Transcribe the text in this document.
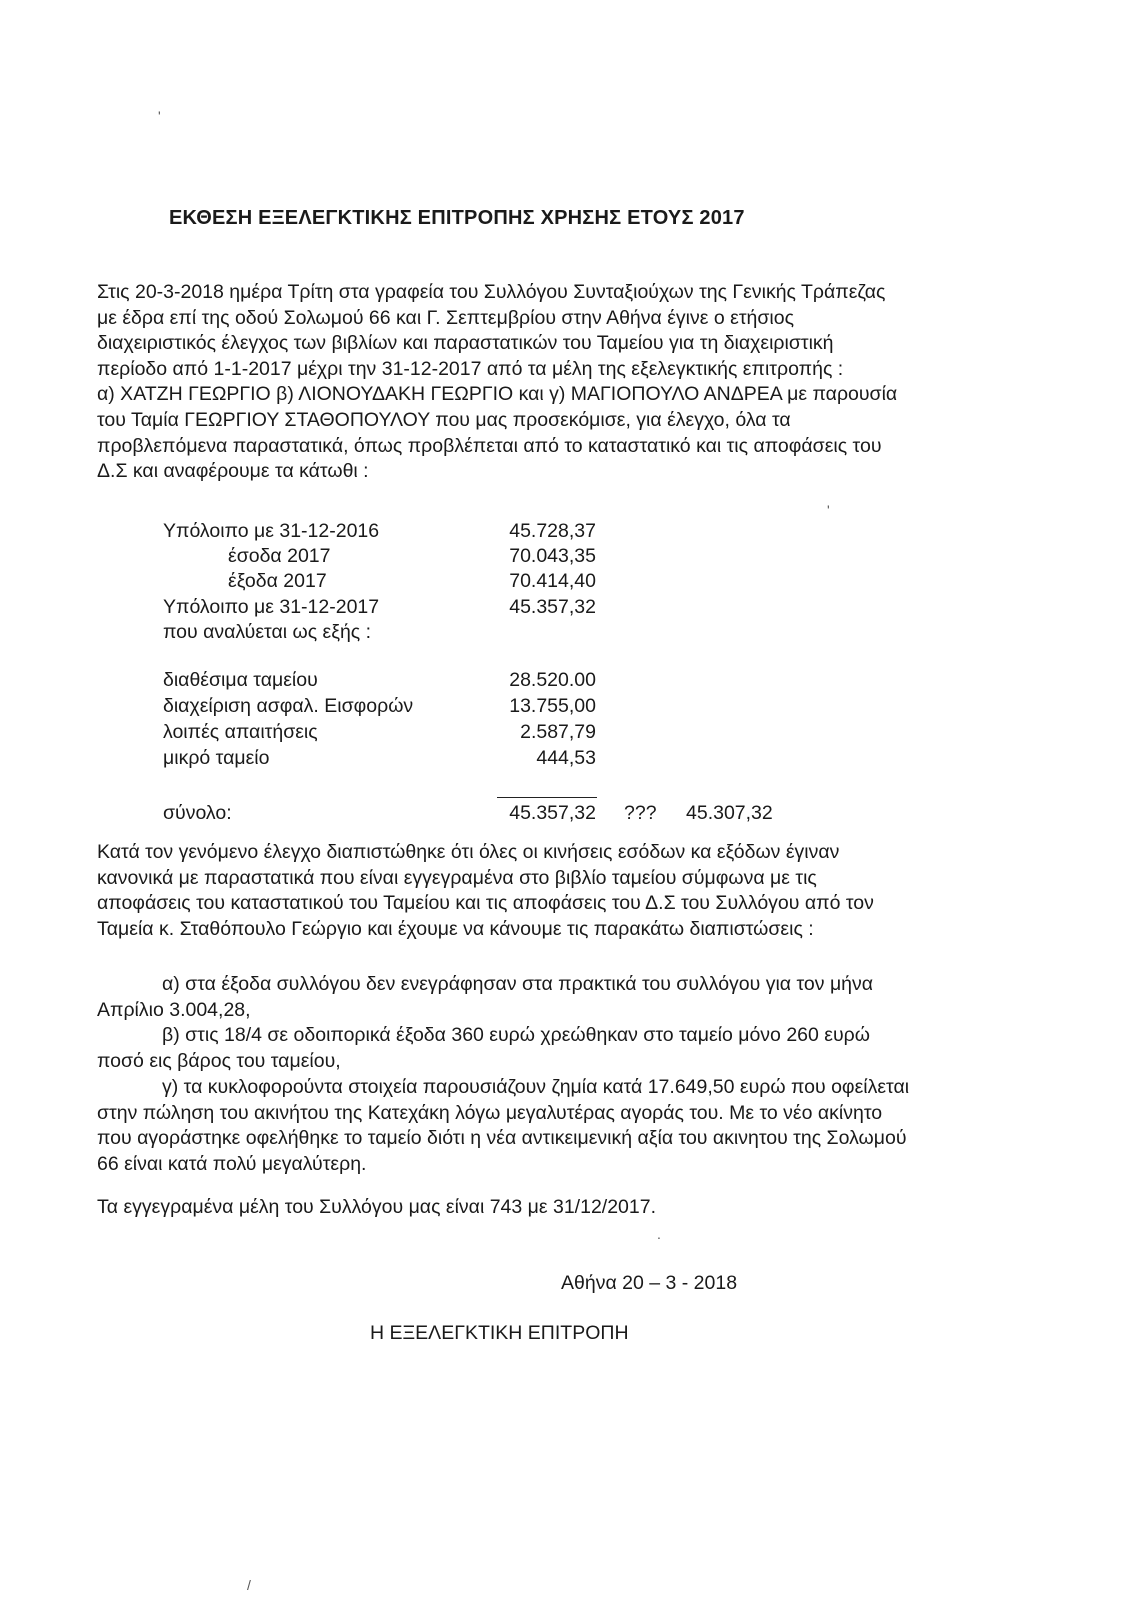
'
'
.
/
ΕΚΘΕΣΗ ΕΞΕΛΕΓΚΤΙΚΗΣ ΕΠΙΤΡΟΠΗΣ ΧΡΗΣΗΣ ΕΤΟΥΣ 2017
Στις 20-3-2018 ημέρα Τρίτη στα γραφεία του Συλλόγου Συνταξιούχων της Γενικής Τράπεζας
με έδρα επί της οδού Σολωμού 66 και Γ. Σεπτεμβρίου στην Αθήνα έγινε ο ετήσιος
διαχειριστικός έλεγχος των βιβλίων και παραστατικών του Ταμείου για τη διαχειριστική
περίοδο από 1-1-2017 μέχρι την 31-12-2017 από τα μέλη της εξελεγκτικής επιτροπής :
α) ΧΑΤΖΗ ΓΕΩΡΓΙΟ β) ΛΙΟΝΟΥΔΑΚΗ ΓΕΩΡΓΙΟ και γ) ΜΑΓΙΟΠΟΥΛΟ ΑΝΔΡΕΑ με παρουσία
του Ταμία ΓΕΩΡΓΙΟΥ ΣΤΑΘΟΠΟΥΛΟΥ που μας προσεκόμισε, για έλεγχο, όλα τα
προβλεπόμενα παραστατικά, όπως προβλέπεται από το καταστατικό και τις αποφάσεις του
Δ.Σ και αναφέρουμε τα κάτωθι :
Υπόλοιπο με 31-12-2016	45.728,37
έσοδα 2017	70.043,35
έξοδα 2017	70.414,40
Υπόλοιπο με 31-12-2017	45.357,32
που αναλύεται ως εξής :
διαθέσιμα ταμείου	28.520.00
διαχείριση ασφαλ. Εισφορών	13.755,00
λοιπές απαιτήσεις	2.587,79
μικρό ταμείο	444,53
σύνολο:	45.357,32 ??? 45.307,32
Κατά τον γενόμενο έλεγχο διαπιστώθηκε ότι όλες οι κινήσεις εσόδων κα εξόδων έγιναν
κανονικά με παραστατικά που είναι εγγεγραμένα στο βιβλίο ταμείου σύμφωνα με τις
αποφάσεις του καταστατικού του Ταμείου και τις αποφάσεις του Δ.Σ του Συλλόγου από τον
Ταμεία κ. Σταθόπουλο Γεώργιο και έχουμε να κάνουμε τις παρακάτω διαπιστώσεις :
α) στα έξοδα συλλόγου δεν ενεγράφησαν στα πρακτικά του συλλόγου για τον μήνα
Απρίλιο 3.004,28,
β) στις 18/4 σε οδοιπορικά έξοδα 360 ευρώ χρεώθηκαν στο ταμείο μόνο 260 ευρώ
ποσό εις βάρος του ταμείου,
γ) τα κυκλοφορούντα στοιχεία παρουσιάζουν ζημία κατά 17.649,50 ευρώ που οφείλεται
στην πώληση του ακινήτου της Κατεχάκη λόγω μεγαλυτέρας αγοράς του. Με το νέο ακίνητο
που αγοράστηκε οφελήθηκε το ταμείο διότι η νέα αντικειμενική αξία του ακινητου της Σολωμού
66 είναι κατά πολύ μεγαλύτερη.
Τα εγγεγραμένα μέλη του Συλλόγου μας είναι 743 με 31/12/2017.
Αθήνα 20 – 3 - 2018
Η ΕΞΕΛΕΓΚΤΙΚΗ ΕΠΙΤΡΟΠΗ
